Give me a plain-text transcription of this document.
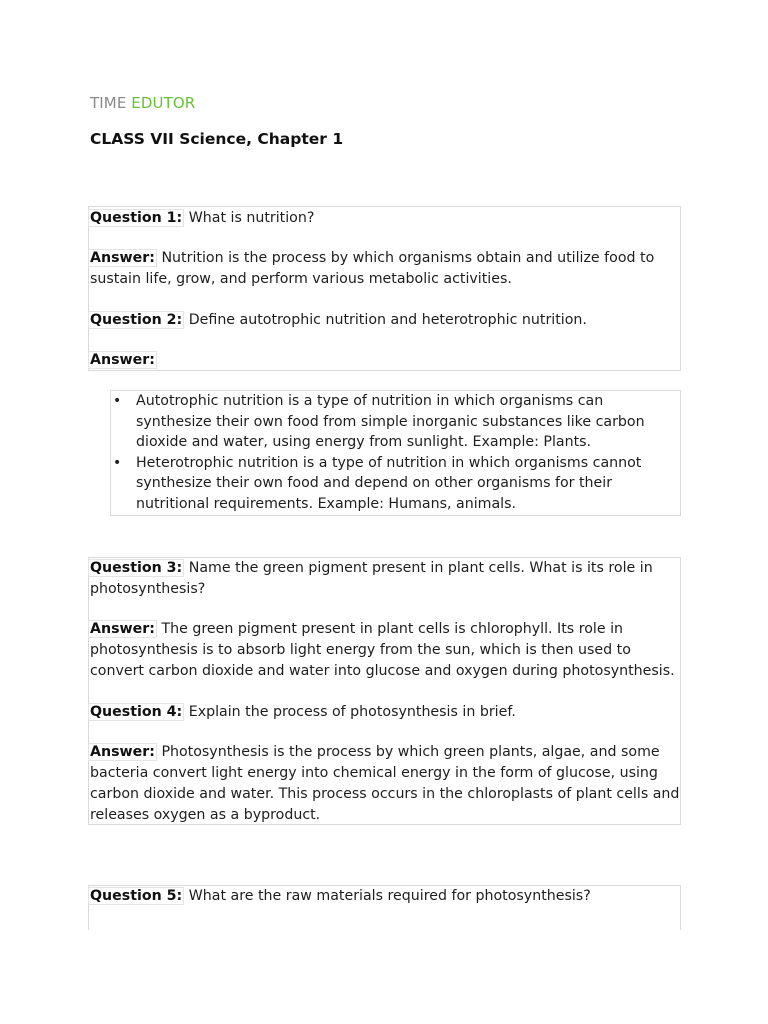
TIME EDUTOR
CLASS VII Science, Chapter 1
Question 1: What is nutrition?
Answer: Nutrition is the process by which organisms obtain and utilize food to sustain life, grow, and perform various metabolic activities.
Question 2: Define autotrophic nutrition and heterotrophic nutrition.
Answer:
• Autotrophic nutrition is a type of nutrition in which organisms can synthesize their own food from simple inorganic substances like carbon dioxide and water, using energy from sunlight. Example: Plants.
• Heterotrophic nutrition is a type of nutrition in which organisms cannot synthesize their own food and depend on other organisms for their nutritional requirements. Example: Humans, animals.
Question 3: Name the green pigment present in plant cells. What is its role in photosynthesis?
Answer: The green pigment present in plant cells is chlorophyll. Its role in photosynthesis is to absorb light energy from the sun, which is then used to convert carbon dioxide and water into glucose and oxygen during photosynthesis.
Question 4: Explain the process of photosynthesis in brief.
Answer: Photosynthesis is the process by which green plants, algae, and some bacteria convert light energy into chemical energy in the form of glucose, using carbon dioxide and water. This process occurs in the chloroplasts of plant cells and releases oxygen as a byproduct.
Question 5: What are the raw materials required for photosynthesis?
